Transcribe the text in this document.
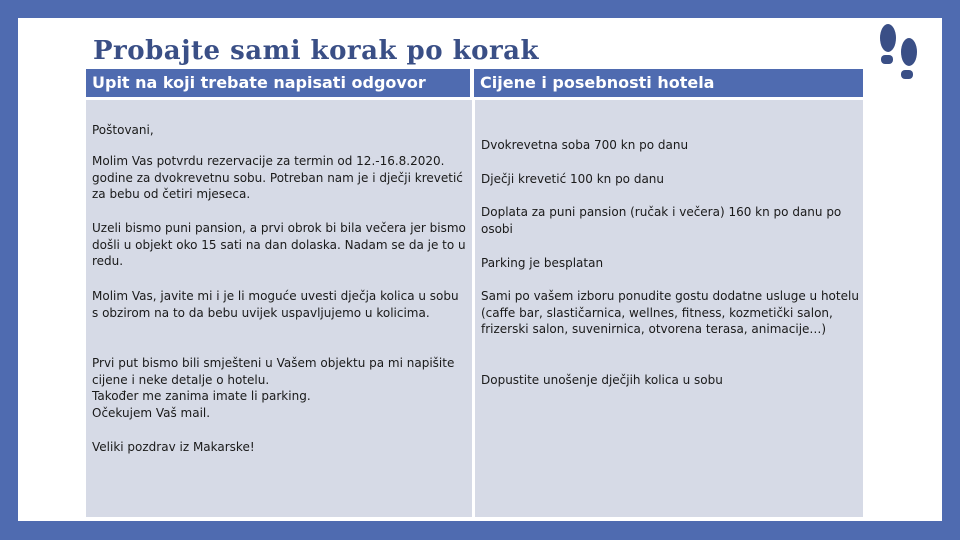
Probajte sami korak po korak
Upit na koji trebate napisati odgovor	Cijene i posebnosti hotela

Poštovani,

Molim Vas potvrdu rezervacije za termin od 12.-16.8.2020. godine za dvokrevetnu sobu. Potreban nam je i dječji krevetić za bebu od četiri mjeseca.

Uzeli bismo puni pansion, a prvi obrok bi bila večera jer bismo došli u objekt oko 15 sati na dan dolaska. Nadam se da je to u redu.

Molim Vas, javite mi i je li moguće uvesti dječja kolica u sobu s obzirom na to da bebu uvijek uspavljujemo u kolicima.

Prvi put bismo bili smješteni u Vašem objektu pa mi napišite cijene i neke detalje o hotelu.
Također me zanima imate li parking.
Očekujem Vaš mail.

Veliki pozdrav iz Makarske!

Dvokrevetna soba 700 kn po danu

Dječji krevetić 100 kn po danu

Doplata za puni pansion (ručak i večera) 160 kn po danu po osobi

Parking je besplatan

Sami po vašem izboru ponudite gostu dodatne usluge u hotelu (caffe bar, slastičarnica, wellnes, fitness, kozmetički salon, frizerski salon, suvenirnica, otvorena terasa, animacije…)

Dopustite unošenje dječjih kolica u sobu
